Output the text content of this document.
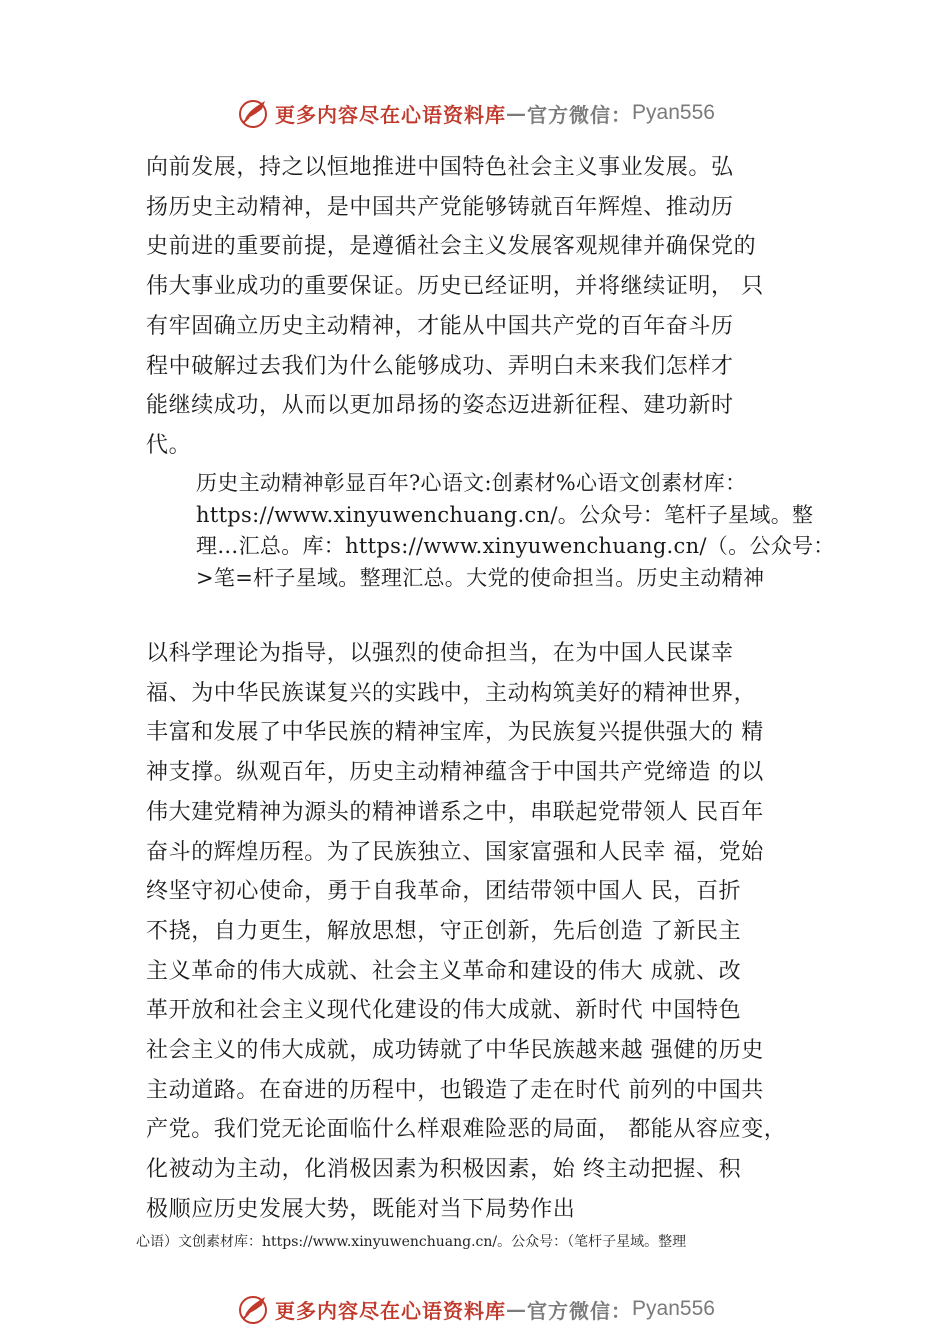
更多内容尽在心语资料库 — 官方微信： Pyan556
向前发展，持之以恒地推进中国特色社会主义事业发展。弘
扬历史主动精神，是中国共产党能够铸就百年辉煌、推动历
史前进的重要前提，是遵循社会主义发展客观规律并确保党的
伟大事业成功的重要保证。历史已经证明，并将继续证明， 只
有牢固确立历史主动精神，才能从中国共产党的百年奋斗历
程中破解过去我们为什么能够成功、弄明白未来我们怎样才
能继续成功，从而以更加昂扬的姿态迈进新征程、建功新时
代。

历史主动精神彰显百年?心语文:创素材%心语文创素材库：https://www.xinyuwenchuang.cn/。公众号：笔杆子星域。整理…汇总。库：https://www.xinyuwenchuang.cn/（。公众号：>笔=杆子星域。整理汇总。大党的使命担当。历史主动精神

以科学理论为指导，以强烈的使命担当，在为中国人民谋幸
福、为中华民族谋复兴的实践中，主动构筑美好的精神世界，
丰富和发展了中华民族的精神宝库，为民族复兴提供强大的 精
神支撑。纵观百年，历史主动精神蕴含于中国共产党缔造 的以
伟大建党精神为源头的精神谱系之中，串联起党带领人 民百年
奋斗的辉煌历程。为了民族独立、国家富强和人民幸 福，党始
终坚守初心使命，勇于自我革命，团结带领中国人 民，百折
不挠，自力更生，解放思想，守正创新，先后创造 了新民主
主义革命的伟大成就、社会主义革命和建设的伟大 成就、改
革开放和社会主义现代化建设的伟大成就、新时代 中国特色
社会主义的伟大成就，成功铸就了中华民族越来越 强健的历史
主动道路。在奋进的历程中，也锻造了走在时代 前列的中国共
产党。我们党无论面临什么样艰难险恶的局面， 都能从容应变，
化被动为主动，化消极因素为积极因素，始 终主动把握、积
极顺应历史发展大势，既能对当下局势作出

心语）文创素材库：https://www.xinyuwenchuang.cn/。公众号：（笔杆子星域。整理

更多内容尽在心语资料库 — 官方微信： Pyan556
